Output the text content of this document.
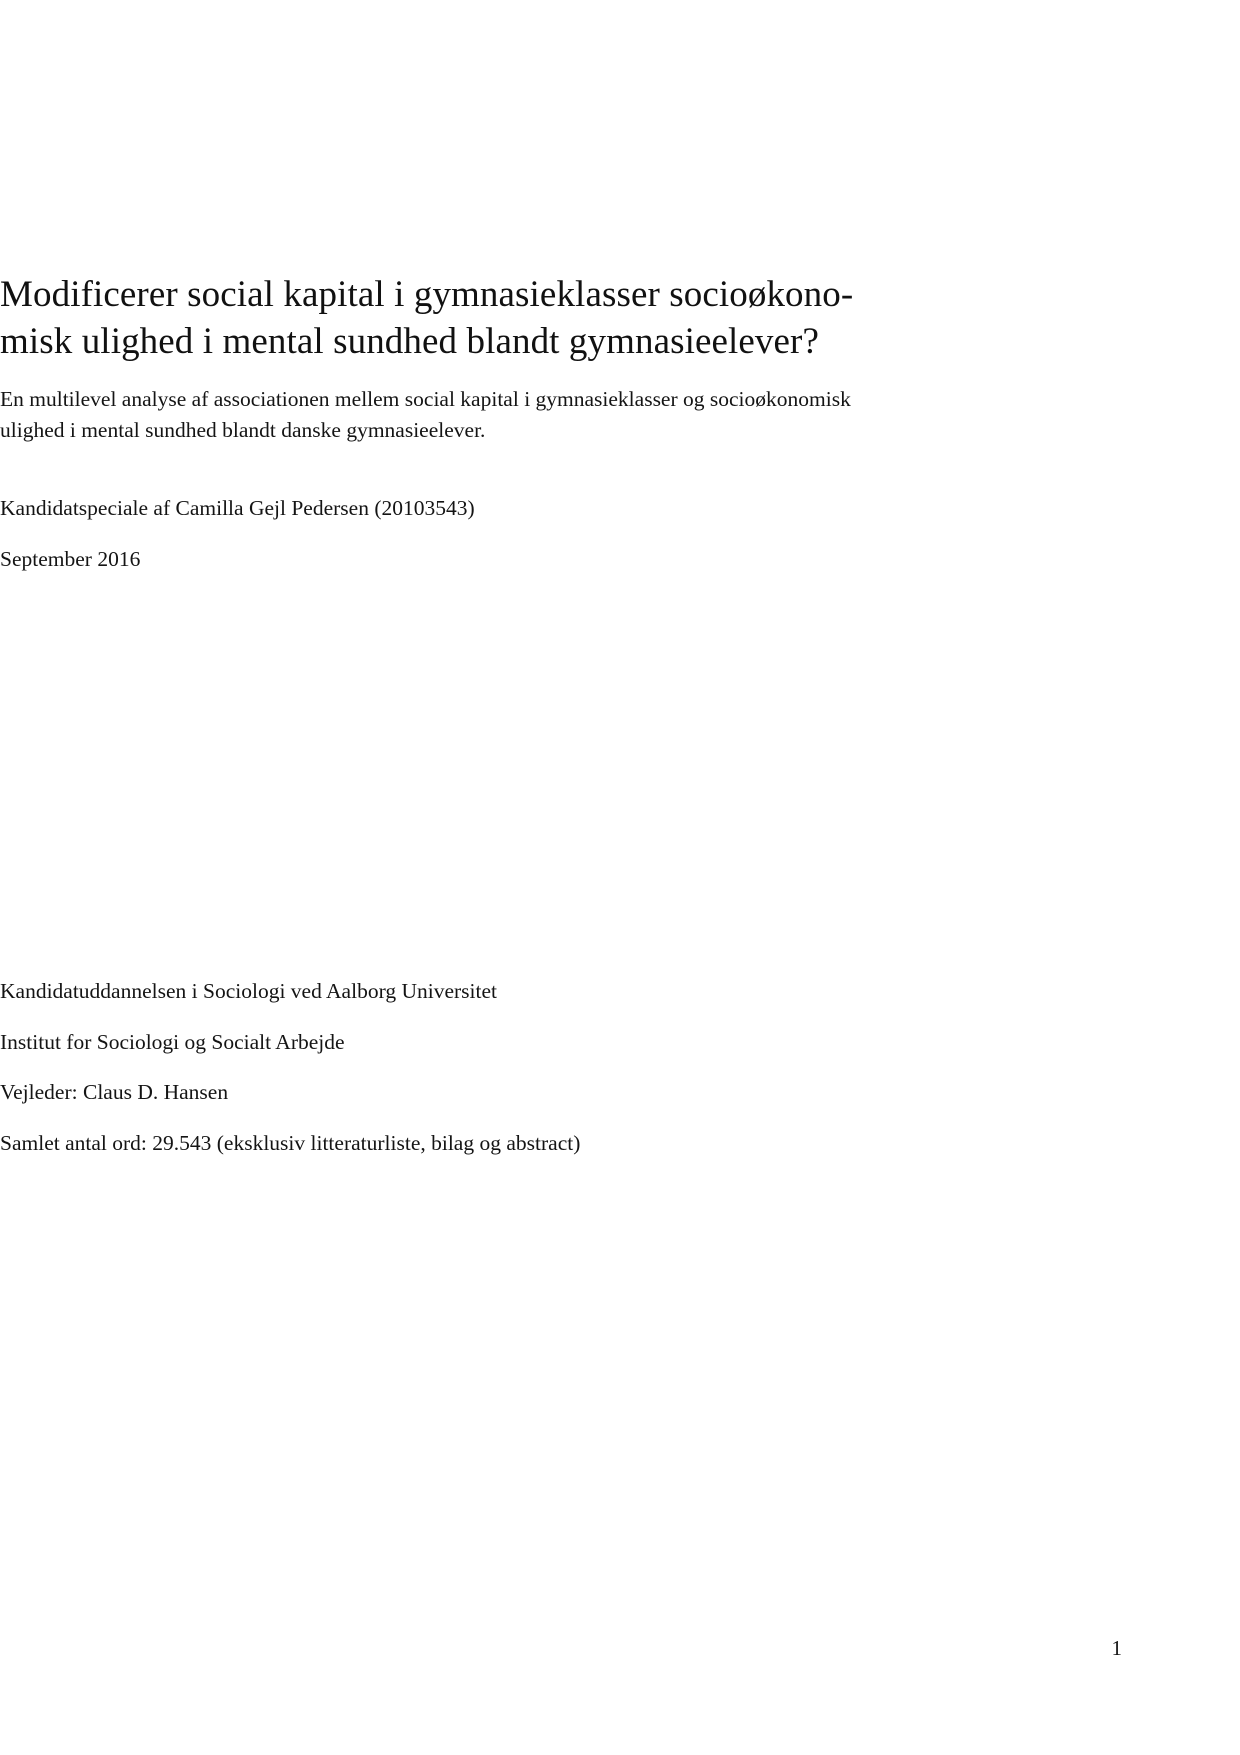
Modificerer social kapital i gymnasieklasser socioøkono-
misk ulighed i mental sundhed blandt gymnasieelever?

En multilevel analyse af associationen mellem social kapital i gymnasieklasser og socioøkonomisk
ulighed i mental sundhed blandt danske gymnasieelever.

Kandidatspeciale af Camilla Gejl Pedersen (20103543)

September 2016

Kandidatuddannelsen i Sociologi ved Aalborg Universitet

Institut for Sociologi og Socialt Arbejde

Vejleder: Claus D. Hansen

Samlet antal ord: 29.543 (eksklusiv litteraturliste, bilag og abstract)

1
